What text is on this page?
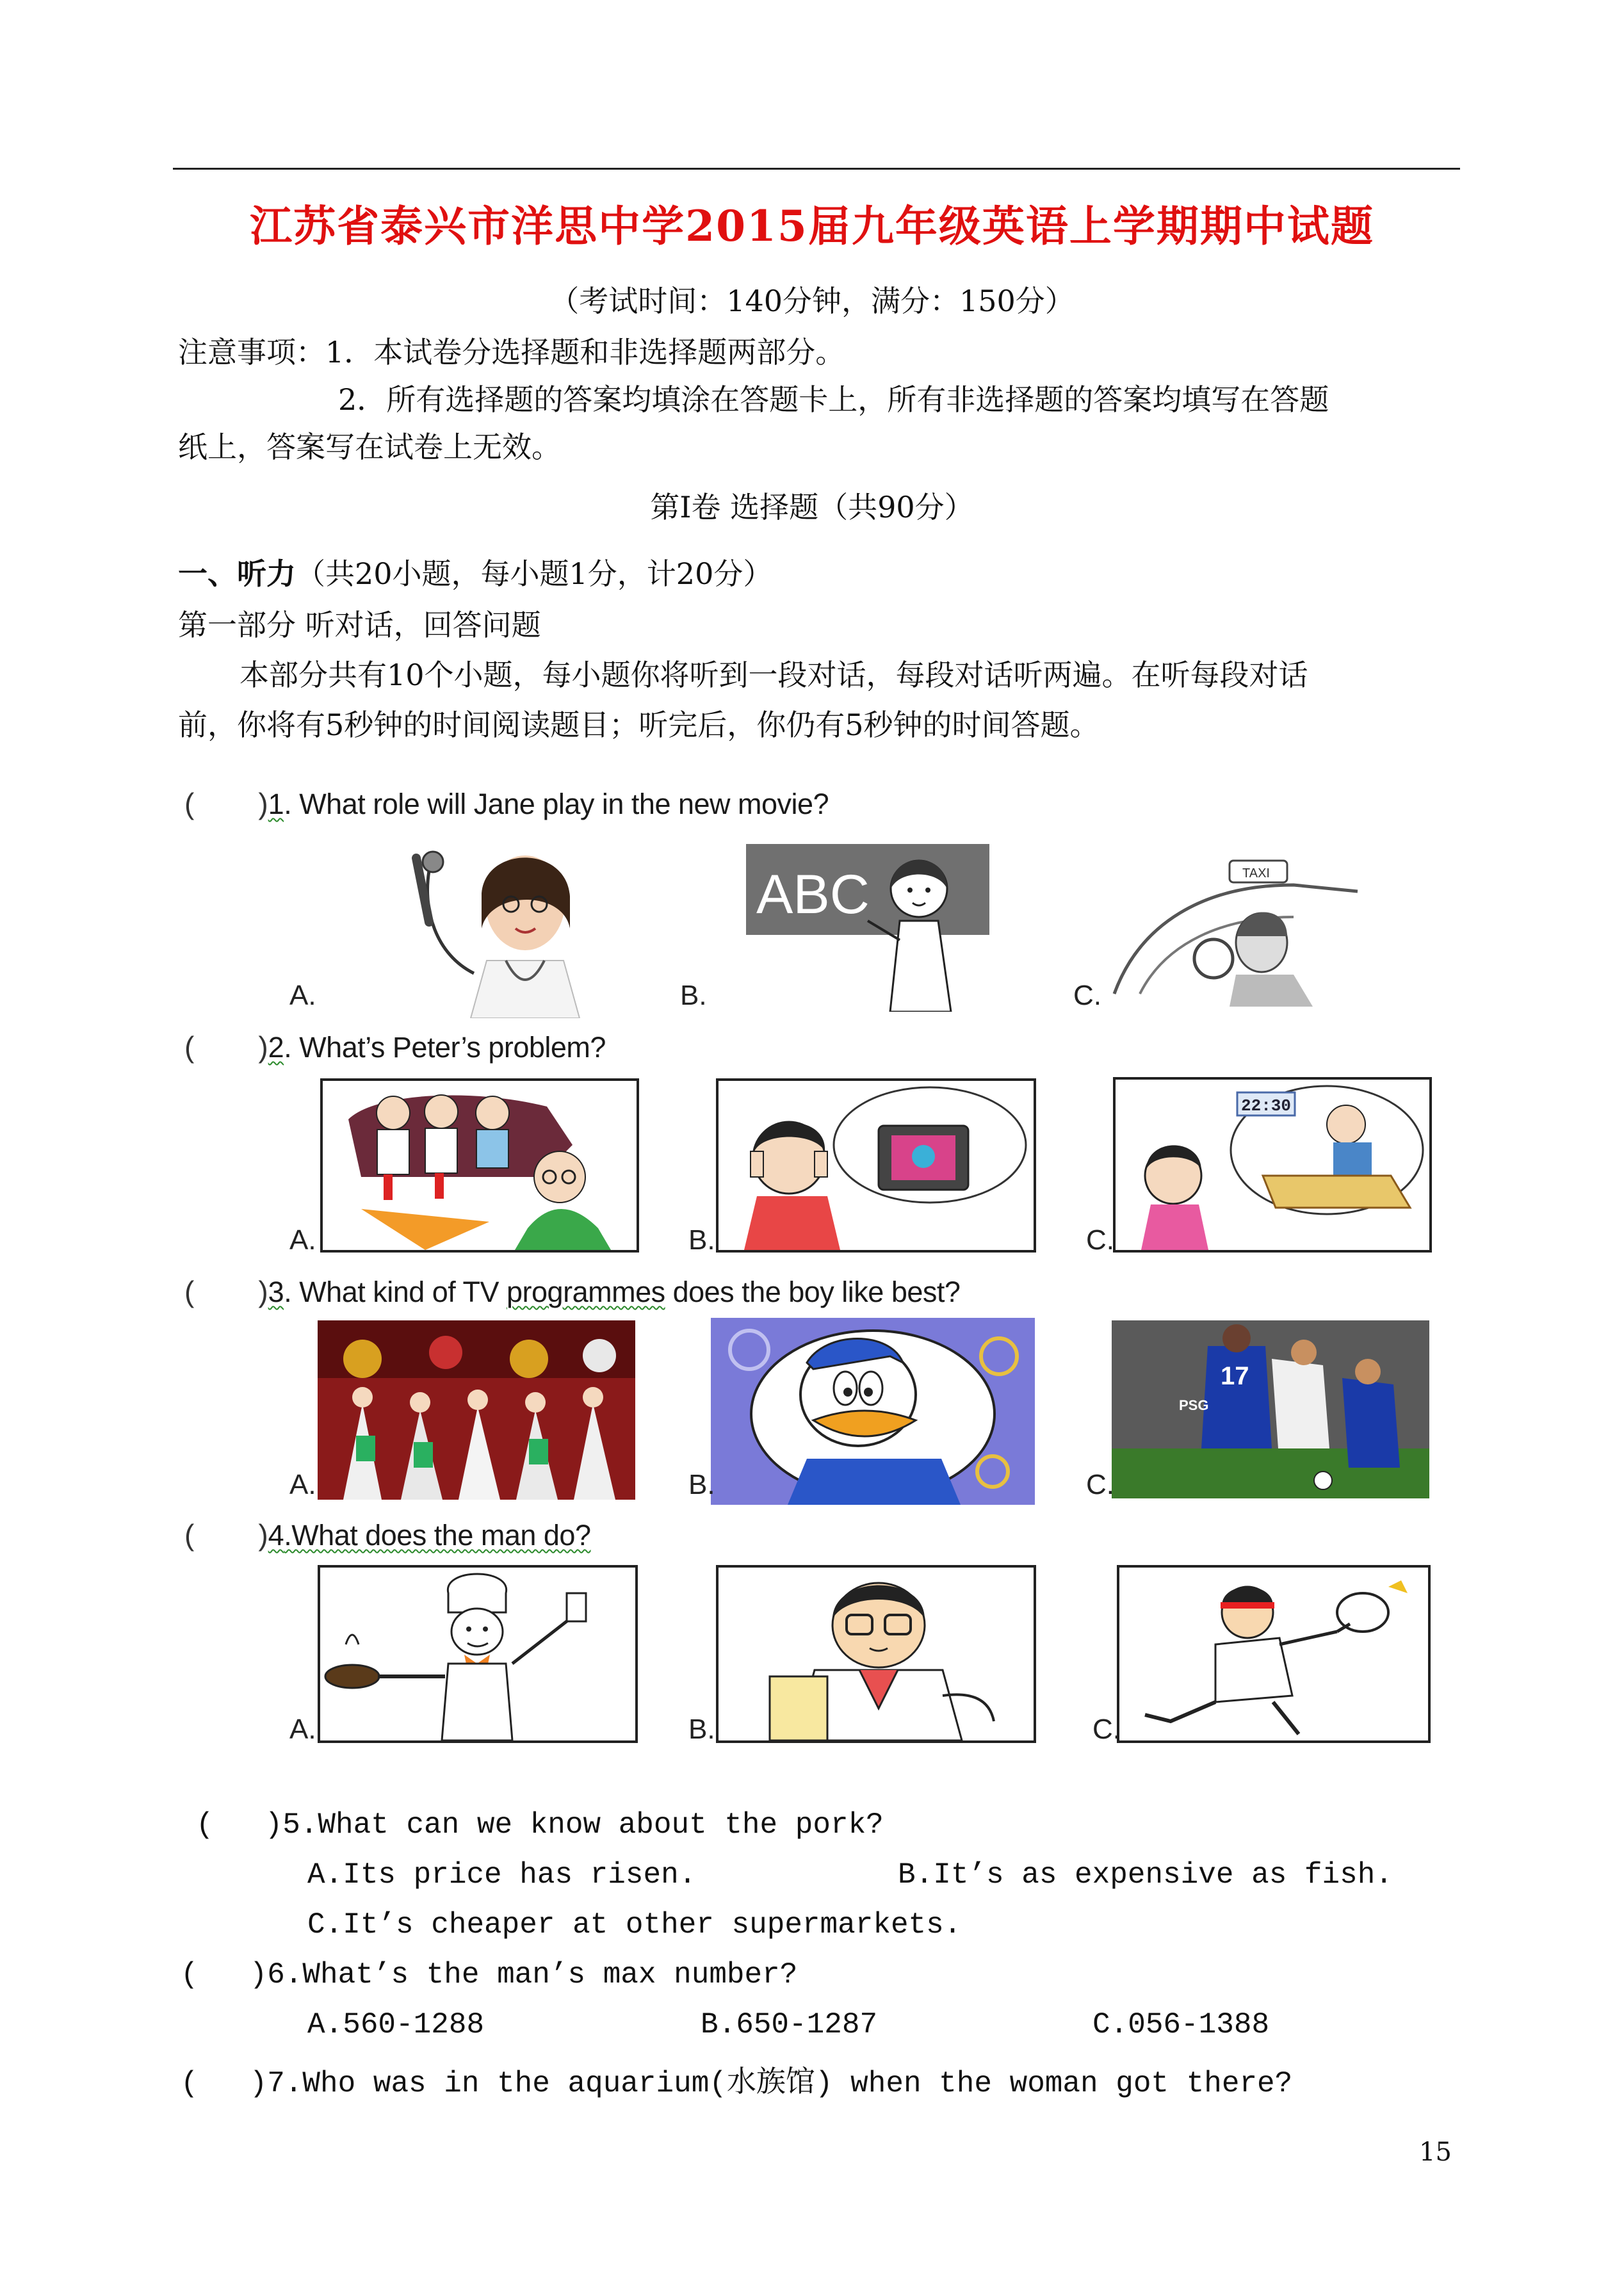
江苏省泰兴市洋思中学2015届九年级英语上学期期中试题
（考试时间：140分钟，满分：150分）
注意事项：1．本试卷分选择题和非选择题两部分。
2．所有选择题的答案均填涂在答题卡上，所有非选择题的答案均填写在答题
纸上，答案写在试卷上无效。
第Ⅰ卷 选择题（共90分）
一、听力（共20小题，每小题1分，计20分）
第一部分 听对话，回答问题
本部分共有10个小题，每小题你将听到一段对话，每段对话听两遍。在听每段对话
前，你将有5秒钟的时间阅读题目；听完后，你仍有5秒钟的时间答题。
( )1. What role will Jane play in the new movie?
A.
ABC
B.
TAXI
C.
( )2. What’s Peter’s problem?
A.	B.
22:30
C.
( )3. What kind of TV programmes does the boy like best?
A.	B.
17
PSG
C.
( )4.What does the man do?
A.	B.	C.
( )5.What can we know about the pork?
A.Its price has risen.	B.It’s as expensive as fish.
C.It’s cheaper at other supermarkets.
( )6.What’s the man’s max number?
A.560-1288	B.650-1287	C.056-1388
( )7.Who was in the aquarium(水族馆) when the woman got there?
15
